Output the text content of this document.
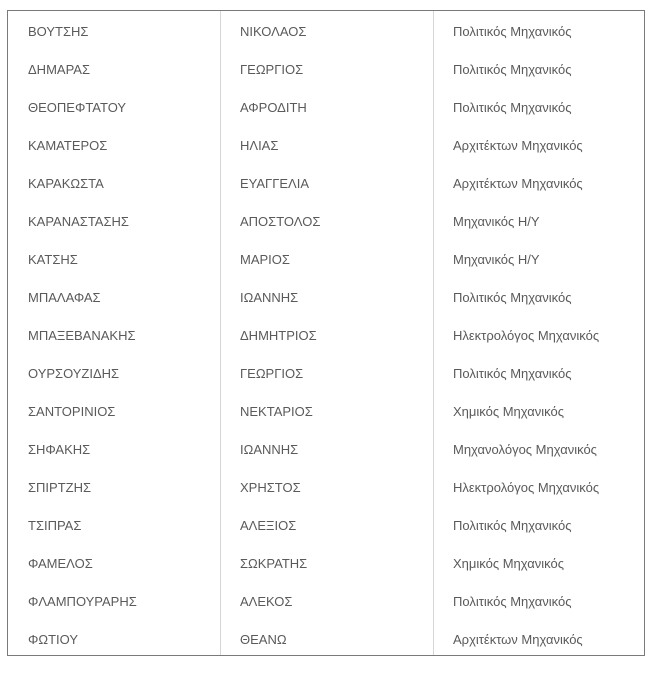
ΒΟΥΤΣΗΣ
ΔΗΜΑΡΑΣ
ΘΕΟΠΕΦΤΑΤΟΥ
ΚΑΜΑΤΕΡΟΣ
ΚΑΡΑΚΩΣΤΑ
ΚΑΡΑΝΑΣΤΑΣΗΣ
ΚΑΤΣΗΣ
ΜΠΑΛΑΦΑΣ
ΜΠΑΞΕΒΑΝΑΚΗΣ
ΟΥΡΣΟΥΖΙΔΗΣ
ΣΑΝΤΟΡΙΝΙΟΣ
ΣΗΦΑΚΗΣ
ΣΠΙΡΤΖΗΣ
ΤΣΙΠΡΑΣ
ΦΑΜΕΛΟΣ
ΦΛΑΜΠΟΥΡΑΡΗΣ
ΦΩΤΙΟΥ
ΝΙΚΟΛΑΟΣ
ΓΕΩΡΓΙΟΣ
ΑΦΡΟΔΙΤΗ
ΗΛΙΑΣ
ΕΥΑΓΓΕΛΙΑ
ΑΠΟΣΤΟΛΟΣ
ΜΑΡΙΟΣ
ΙΩΑΝΝΗΣ
ΔΗΜΗΤΡΙΟΣ
ΓΕΩΡΓΙΟΣ
ΝΕΚΤΑΡΙΟΣ
ΙΩΑΝΝΗΣ
ΧΡΗΣΤΟΣ
ΑΛΕΞΙΟΣ
ΣΩΚΡΑΤΗΣ
ΑΛΕΚΟΣ
ΘΕΑΝΩ
Πολιτικός Μηχανικός
Πολιτικός Μηχανικός
Πολιτικός Μηχανικός
Αρχιτέκτων Μηχανικός
Αρχιτέκτων Μηχανικός
Μηχανικός Η/Υ
Μηχανικός Η/Υ
Πολιτικός Μηχανικός
Ηλεκτρολόγος Μηχανικός
Πολιτικός Μηχανικός
Χημικός Μηχανικός
Μηχανολόγος Μηχανικός
Ηλεκτρολόγος Μηχανικός
Πολιτικός Μηχανικός
Χημικός Μηχανικός
Πολιτικός Μηχανικός
Αρχιτέκτων Μηχανικός
